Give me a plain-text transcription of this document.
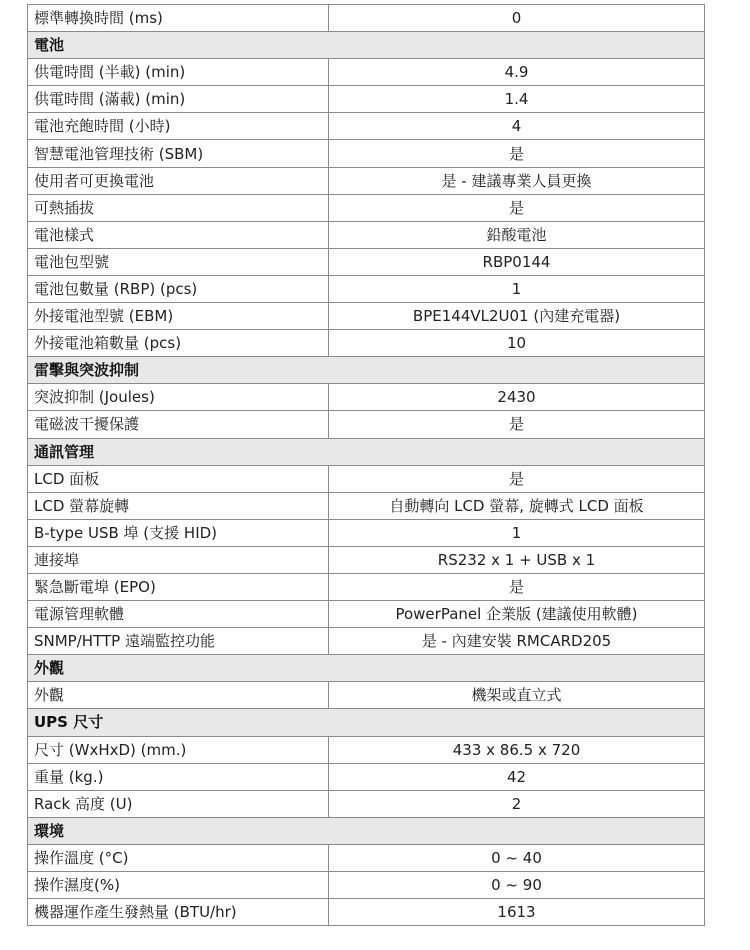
標準轉換時間 (ms)	0
電池	
供電時間 (半載) (min)	4.9
供電時間 (滿載) (min)	1.4
電池充飽時間 (小時)	4
智慧電池管理技術 (SBM)	是
使用者可更換電池	是 - 建議專業人員更換
可熱插拔	是
電池樣式	鉛酸電池
電池包型號	RBP0144
電池包數量 (RBP) (pcs)	1
外接電池型號 (EBM)	BPE144VL2U01 (內建充電器)
外接電池箱數量 (pcs)	10
雷擊與突波抑制	
突波抑制 (Joules)	2430
電磁波干擾保護	是
通訊管理	
LCD 面板	是
LCD 螢幕旋轉	自動轉向 LCD 螢幕, 旋轉式 LCD 面板
B-type USB 埠 (支援 HID)	1
連接埠	RS232 x 1 + USB x 1
緊急斷電埠 (EPO)	是
電源管理軟體	PowerPanel 企業版 (建議使用軟體)
SNMP/HTTP 遠端監控功能	是 - 內建安裝 RMCARD205
外觀	
外觀	機架或直立式
UPS 尺寸	
尺寸 (WxHxD) (mm.)	433 x 86.5 x 720
重量 (kg.)	42
Rack 高度 (U)	2
環境	
操作溫度 (°C)	0 ~ 40
操作濕度(%)	0 ~ 90
機器運作產生發熱量 (BTU/hr)	1613
